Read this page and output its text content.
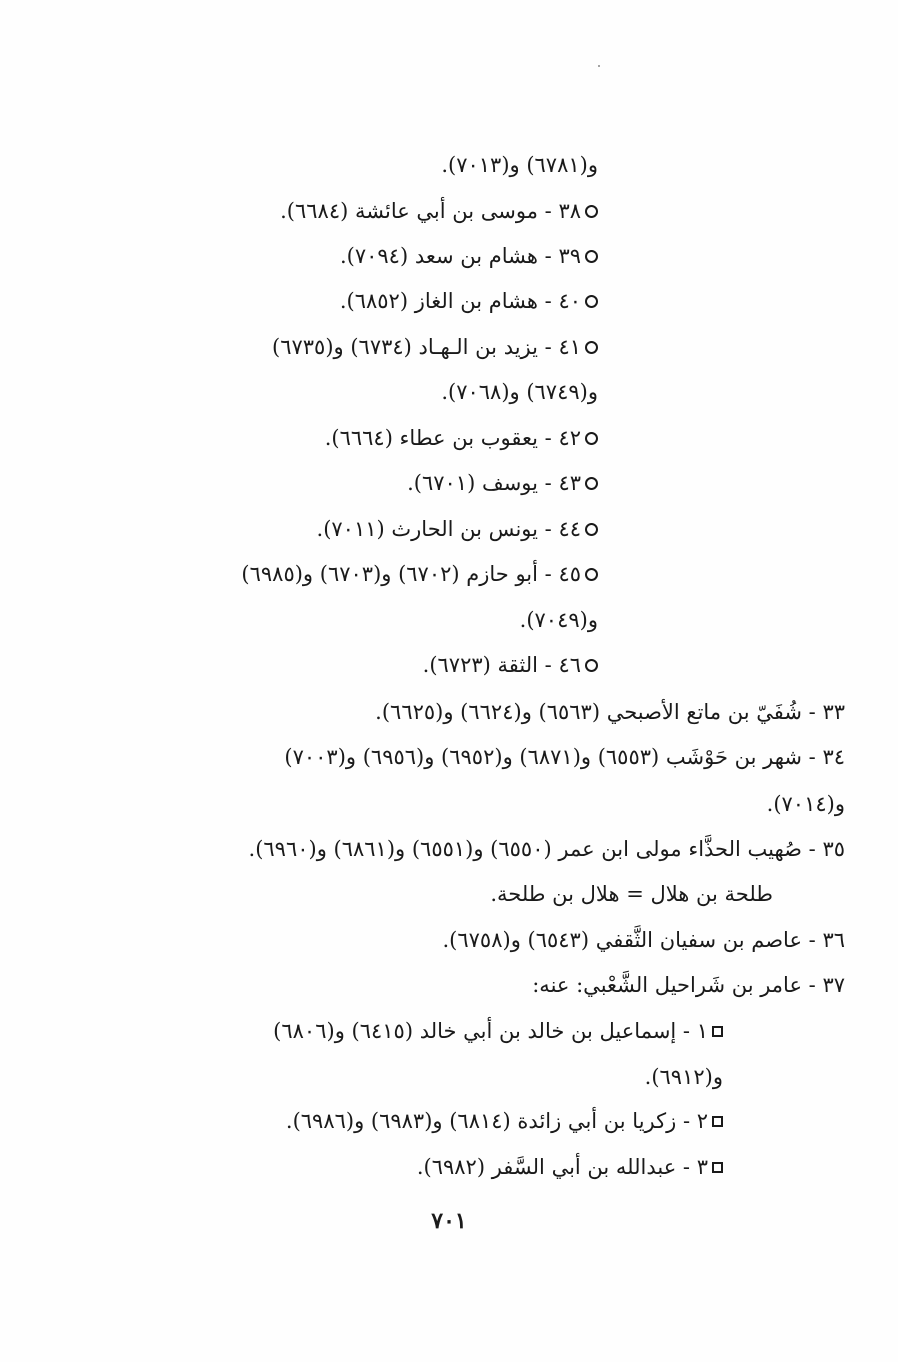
و(٦٧٨١) و(٧٠١٣).
٣٨ - موسى بن أبي عائشة (٦٦٨٤).
٣٩ - هشام بن سعد (٧٠٩٤).
٤٠ - هشام بن الغاز (٦٨٥٢).
٤١ - يزيد بن الـهـاد (٦٧٣٤) و(٦٧٣٥)
و(٦٧٤٩) و(٧٠٦٨).
٤٢ - يعقوب بن عطاء (٦٦٦٤).
٤٣ - يوسف (٦٧٠١).
٤٤ - يونس بن الحارث (٧٠١١).
٤٥ - أبو حازم (٦٧٠٢) و(٦٧٠٣) و(٦٩٨٥)
و(٧٠٤٩).
٤٦ - الثقة (٦٧٢٣).
٣٣ - شُفَيّ بن ماتع الأصبحي (٦٥٦٣) و(٦٦٢٤) و(٦٦٢٥).
٣٤ - شهر بن حَوْشَب (٦٥٥٣) و(٦٨٧١) و(٦٩٥٢) و(٦٩٥٦) و(٧٠٠٣)
و(٧٠١٤).
٣٥ - صُهيب الحذَّاء مولى ابن عمر (٦٥٥٠) و(٦٥٥١) و(٦٨٦١) و(٦٩٦٠).
طلحة بن هلال = هلال بن طلحة.
٣٦ - عاصم بن سفيان الثَّقفي (٦٥٤٣) و(٦٧٥٨).
٣٧ - عامر بن شَراحيل الشَّعْبي: عنه:
١ - إسماعيل بن خالد بن أبي خالد (٦٤١٥) و(٦٨٠٦)
و(٦٩١٢).
٢ - زكريا بن أبي زائدة (٦٨١٤) و(٦٩٨٣) و(٦٩٨٦).
٣ - عبدالله بن أبي السَّفر (٦٩٨٢).
٧٠١
